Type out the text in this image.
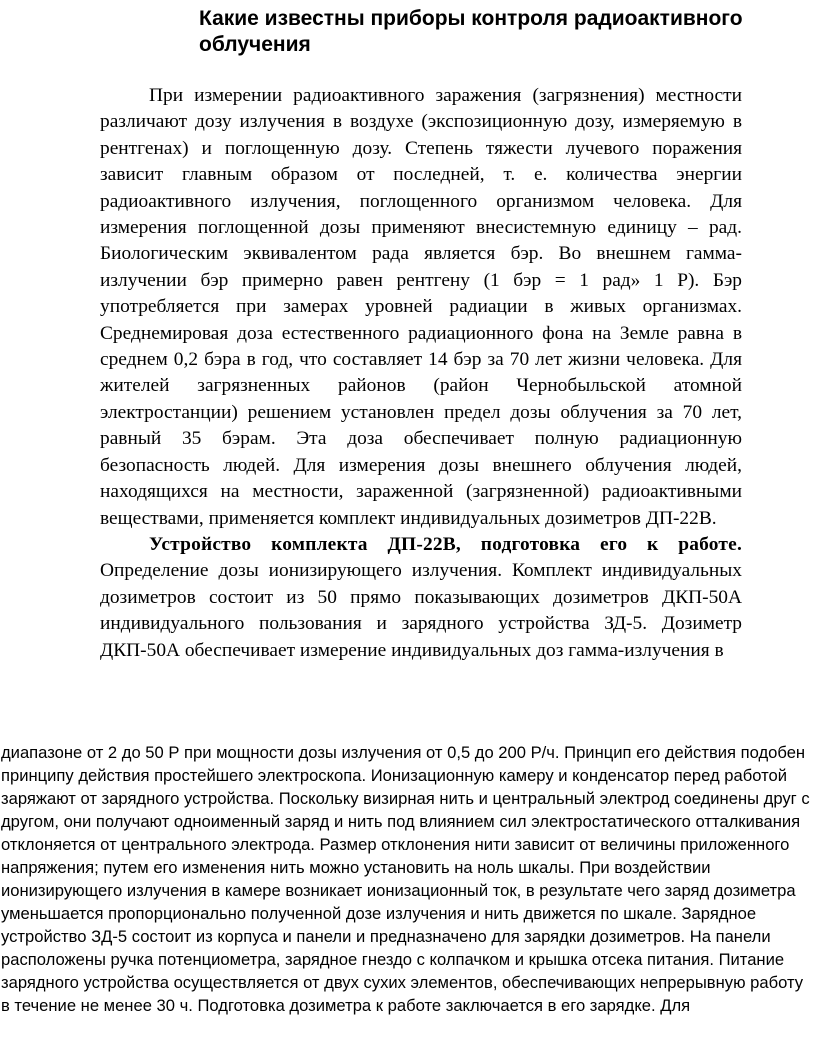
Какие известны приборы контроля радиоактивного облучения

При измерении радиоактивного заражения (загрязнения) местности различают дозу излучения в воздухе (экспозиционную дозу, измеряемую в рентгенах) и поглощенную дозу. Степень тяжести лучевого поражения зависит главным образом от последней, т. е. количества энергии радиоактивного излучения, поглощенного организмом человека. Для измерения поглощенной дозы применяют внесистемную единицу – рад. Биологическим эквивалентом рада является бэр. Во внешнем гамма-излучении бэр примерно равен рентгену (1 бэр = 1 рад» 1 Р). Бэр употребляется при замерах уровней радиации в живых организмах. Среднемировая доза естественного радиационного фона на Земле равна в среднем 0,2 бэра в год, что составляет 14 бэр за 70 лет жизни человека. Для жителей загрязненных районов (район Чернобыльской атомной электростанции) решением установлен предел дозы облучения за 70 лет, равный 35 бэрам. Эта доза обеспечивает полную радиационную безопасность людей. Для измерения дозы внешнего облучения людей, находящихся на местности, зараженной (загрязненной) радиоактивными веществами, применяется комплект индивидуальных дозиметров ДП-22В.

Устройство комплекта ДП-22В, подготовка его к работе. Определение дозы ионизирующего излучения. Комплект индивидуальных дозиметров состоит из 50 прямо показывающих дозиметров ДКП-50А индивидуального пользования и зарядного устройства ЗД-5. Дозиметр ДКП-50А обеспечивает измерение индивидуальных доз гамма-излучения в

диапазоне от 2 до 50 Р при мощности дозы излучения от 0,5 до 200 Р/ч. Принцип его действия подобен принципу действия простейшего электроскопа. Ионизационную камеру и конденсатор перед работой заряжают от зарядного устройства. Поскольку визирная нить и центральный электрод соединены друг с другом, они получают одноименный заряд и нить под влиянием сил электростатического отталкивания отклоняется от центрального электрода. Размер отклонения нити зависит от величины приложенного напряжения; путем его изменения нить можно установить на ноль шкалы. При воздействии ионизирующего излучения в камере возникает ионизационный ток, в результате чего заряд дозиметра уменьшается пропорционально полученной дозе излучения и нить движется по шкале. Зарядное устройство ЗД-5 состоит из корпуса и панели и предназначено для зарядки дозиметров. На панели расположены ручка потенциометра, зарядное гнездо с колпачком и крышка отсека питания. Питание зарядного устройства осуществляется от двух сухих элементов, обеспечивающих непрерывную работу в течение не менее 30 ч. Подготовка дозиметра к работе заключается в его зарядке. Для
